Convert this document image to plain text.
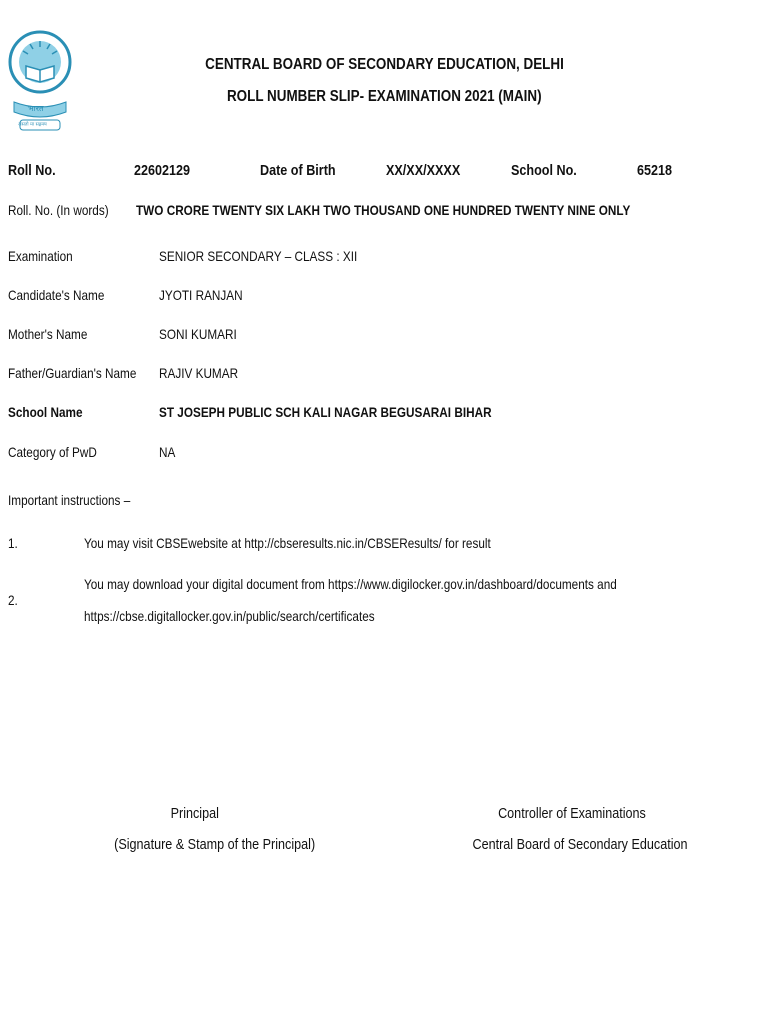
भारत
असतो मा सद्गमय
CENTRAL BOARD OF SECONDARY EDUCATION, DELHI
ROLL NUMBER SLIP- EXAMINATION 2021 (MAIN)
Roll No.	22602129	Date of Birth	XX/XX/XXXX	School No.	65218
Roll. No. (In words)	TWO CRORE TWENTY SIX LAKH TWO THOUSAND ONE HUNDRED TWENTY NINE ONLY
Examination	SENIOR SECONDARY – CLASS : XII
Candidate's Name	JYOTI RANJAN
Mother's Name	SONI KUMARI
Father/Guardian's Name	RAJIV KUMAR
School Name	ST JOSEPH PUBLIC SCH KALI NAGAR BEGUSARAI BIHAR
Category of PwD	NA
Important instructions –
1.	You may visit CBSEwebsite at http://cbseresults.nic.in/CBSEResults/ for result
2.
You may download your digital document from https://www.digilocker.gov.in/dashboard/documents and
https://cbse.digitallocker.gov.in/public/search/certificates
Principal
(Signature & Stamp of the Principal)
Controller of Examinations
Central Board of Secondary Education
